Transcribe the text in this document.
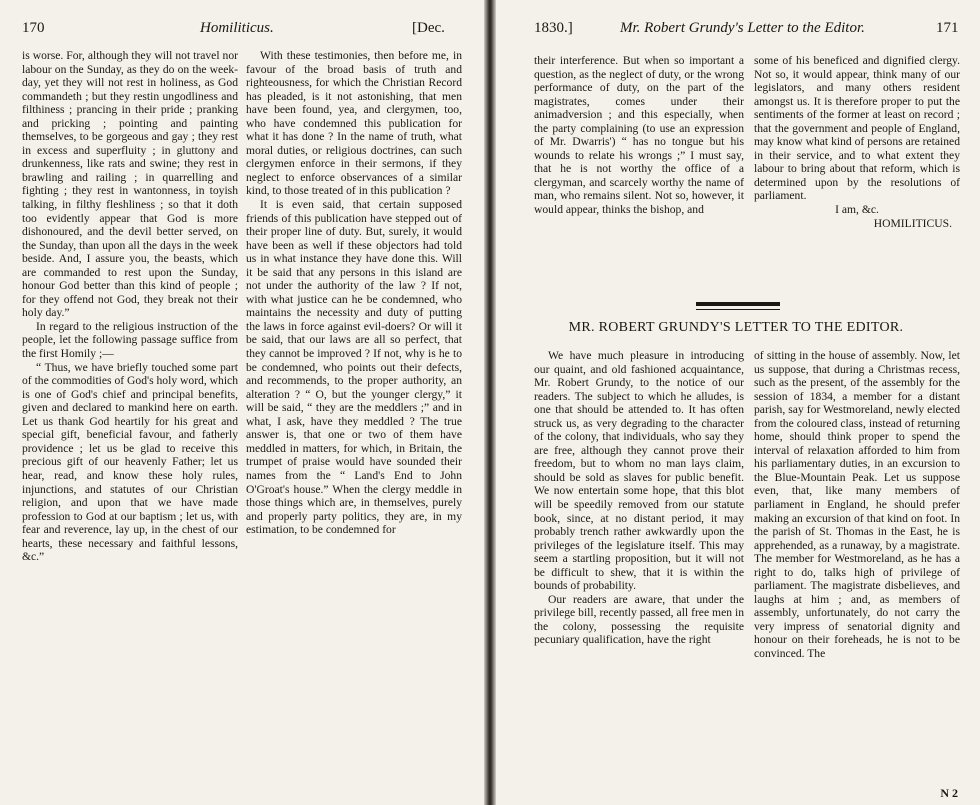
170	Homiliticus.	[Dec.

is worse. For, although they will not travel nor labour on the Sunday, as they do on the week-day, yet they will not rest in holiness, as God commandeth ; but they restin ungodliness and filthiness ; prancing in their pride ; pranking and pricking ; pointing and painting themselves, to be gorgeous and gay ; they rest in excess and superfluity ; in gluttony and drunkenness, like rats and swine; they rest in brawling and railing ; in quarrelling and fighting ; they rest in wantonness, in toyish talking, in filthy fleshliness ; so that it doth too evidently appear that God is more dishonoured, and the devil better served, on the Sunday, than upon all the days in the week beside. And, I assure you, the beasts, which are commanded to rest upon the Sunday, honour God better than this kind of people ; for they offend not God, they break not their holy day.”

In regard to the religious instruction of the people, let the following passage suffice from the first Homily ;—

“ Thus, we have briefly touched some part of the commodities of God's holy word, which is one of God's chief and principal benefits, given and declared to mankind here on earth. Let us thank God heartily for his great and special gift, beneficial favour, and fatherly providence ; let us be glad to receive this precious gift of our heavenly Father; let us hear, read, and know these holy rules, injunctions, and statutes of our Christian religion, and upon that we have made profession to God at our baptism ; let us, with fear and reverence, lay up, in the chest of our hearts, these necessary and faithful lessons, &c.”

With these testimonies, then before me, in favour of the broad basis of truth and righteousness, for which the Christian Record has pleaded, is it not astonishing, that men have been found, yea, and clergymen, too, who have condemned this publication for what it has done ? In the name of truth, what moral duties, or religious doctrines, can such clergymen enforce in their sermons, if they neglect to enforce observances of a similar kind, to those treated of in this publication ?

It is even said, that certain supposed friends of this publication have stepped out of their proper line of duty. But, surely, it would have been as well if these objectors had told us in what instance they have done this. Will it be said that any persons in this island are not under the authority of the law ? If not, with what justice can he be condemned, who maintains the necessity and duty of putting the laws in force against evil-doers? Or will it be said, that our laws are all so perfect, that they cannot be improved ? If not, why is he to be condemned, who points out their defects, and recommends, to the proper authority, an alteration ? “ O, but the younger clergy,” it will be said, “ they are the meddlers ;” and in what, I ask, have they meddled ? The true answer is, that one or two of them have meddled in matters, for which, in Britain, the trumpet of praise would have sounded their names from the “ Land's End to John O'Groat's house.” When the clergy meddle in those things which are, in themselves, purely and properly party politics, they are, in my estimation, to be condemned for

1830.]	Mr. Robert Grundy's Letter to the Editor.	171

their interference. But when so important a question, as the neglect of duty, or the wrong performance of duty, on the part of the magistrates, comes under their animadversion ; and this especially, when the party complaining (to use an expression of Mr. Dwarris') “ has no tongue but his wounds to relate his wrongs ;” I must say, that he is not worthy the office of a clergyman, and scarcely worthy the name of man, who remains silent. Not so, however, it would appear, thinks the bishop, and

some of his beneficed and dignified clergy. Not so, it would appear, think many of our legislators, and many others resident amongst us. It is therefore proper to put the sentiments of the former at least on record ; that the government and people of England, may know what kind of persons are retained in their service, and to what extent they labour to bring about that reform, which is determined upon by the resolutions of parliament.

I am, &c.

HOMILITICUS.

MR. ROBERT GRUNDY'S LETTER TO THE EDITOR.

We have much pleasure in introducing our quaint, and old fashioned acquaintance, Mr. Robert Grundy, to the notice of our readers. The subject to which he alludes, is one that should be attended to. It has often struck us, as very degrading to the character of the colony, that individuals, who say they are free, although they cannot prove their freedom, but to whom no man lays claim, should be sold as slaves for public benefit. We now entertain some hope, that this blot will be speedily removed from our statute book, since, at no distant period, it may probably trench rather awkwardly upon the privileges of the legislature itself. This may seem a startling proposition, but it will not be difficult to shew, that it is within the bounds of probability.

Our readers are aware, that under the privilege bill, recently passed, all free men in the colony, possessing the requisite pecuniary qualification, have the right

of sitting in the house of assembly. Now, let us suppose, that during a Christmas recess, such as the present, of the assembly for the session of 1834, a member for a distant parish, say for Westmoreland, newly elected from the coloured class, instead of returning home, should think proper to spend the interval of relaxation afforded to him from his parliamentary duties, in an excursion to the Blue-Mountain Peak. Let us suppose even, that, like many members of parliament in England, he should prefer making an excursion of that kind on foot. In the parish of St. Thomas in the East, he is apprehended, as a runaway, by a magistrate. The member for Westmoreland, as he has a right to do, talks high of privilege of parliament. The magistrate disbelieves, and laughs at him ; and, as members of assembly, unfortunately, do not carry the very impress of senatorial dignity and honour on their foreheads, he is not to be convinced. The

N 2
